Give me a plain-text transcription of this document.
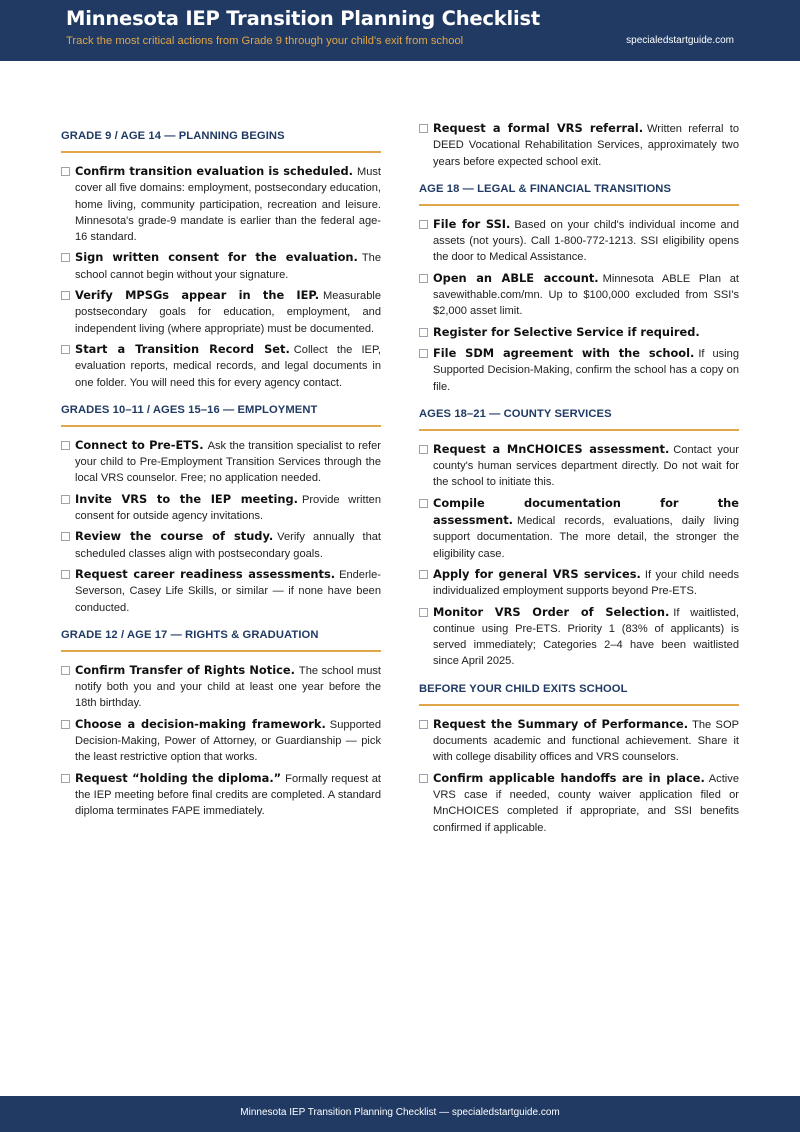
Minnesota IEP Transition Planning Checklist
Track the most critical actions from Grade 9 through your child's exit from school	specialedstartguide.com
GRADE 9 / AGE 14 — PLANNING BEGINS
Confirm transition evaluation is scheduled. Must cover all five domains: employment, postsecondary education, home living, community participation, recreation and leisure. Minnesota's grade-9 mandate is earlier than the federal age-16 standard.
Sign written consent for the evaluation. The school cannot begin without your signature.
Verify MPSGs appear in the IEP. Measurable postsecondary goals for education, employment, and independent living (where appropriate) must be documented.
Start a Transition Record Set. Collect the IEP, evaluation reports, medical records, and legal documents in one folder. You will need this for every agency contact.
GRADES 10–11 / AGES 15–16 — EMPLOYMENT
Connect to Pre-ETS. Ask the transition specialist to refer your child to Pre-Employment Transition Services through the local VRS counselor. Free; no application needed.
Invite VRS to the IEP meeting. Provide written consent for outside agency invitations.
Review the course of study. Verify annually that scheduled classes align with postsecondary goals.
Request career readiness assessments. Enderle-Severson, Casey Life Skills, or similar — if none have been conducted.
GRADE 12 / AGE 17 — RIGHTS & GRADUATION
Confirm Transfer of Rights Notice. The school must notify both you and your child at least one year before the 18th birthday.
Choose a decision-making framework. Supported Decision-Making, Power of Attorney, or Guardianship — pick the least restrictive option that works.
Request “holding the diploma.” Formally request at the IEP meeting before final credits are completed. A standard diploma terminates FAPE immediately.
Request a formal VRS referral. Written referral to DEED Vocational Rehabilitation Services, approximately two years before expected school exit.
AGE 18 — LEGAL & FINANCIAL TRANSITIONS
File for SSI. Based on your child's individual income and assets (not yours). Call 1-800-772-1213. SSI eligibility opens the door to Medical Assistance.
Open an ABLE account. Minnesota ABLE Plan at savewithable.com/mn. Up to $100,000 excluded from SSI's $2,000 asset limit.
Register for Selective Service if required.
File SDM agreement with the school. If using Supported Decision-Making, confirm the school has a copy on file.
AGES 18–21 — COUNTY SERVICES
Request a MnCHOICES assessment. Contact your county's human services department directly. Do not wait for the school to initiate this.
Compile documentation for the assessment. Medical records, evaluations, daily living support documentation. The more detail, the stronger the eligibility case.
Apply for general VRS services. If your child needs individualized employment supports beyond Pre-ETS.
Monitor VRS Order of Selection. If waitlisted, continue using Pre-ETS. Priority 1 (83% of applicants) is served immediately; Categories 2–4 have been waitlisted since April 2025.
BEFORE YOUR CHILD EXITS SCHOOL
Request the Summary of Performance. The SOP documents academic and functional achievement. Share it with college disability offices and VRS counselors.
Confirm applicable handoffs are in place. Active VRS case if needed, county waiver application filed or MnCHOICES completed if appropriate, and SSI benefits confirmed if applicable.
Minnesota IEP Transition Planning Checklist — specialedstartguide.com
